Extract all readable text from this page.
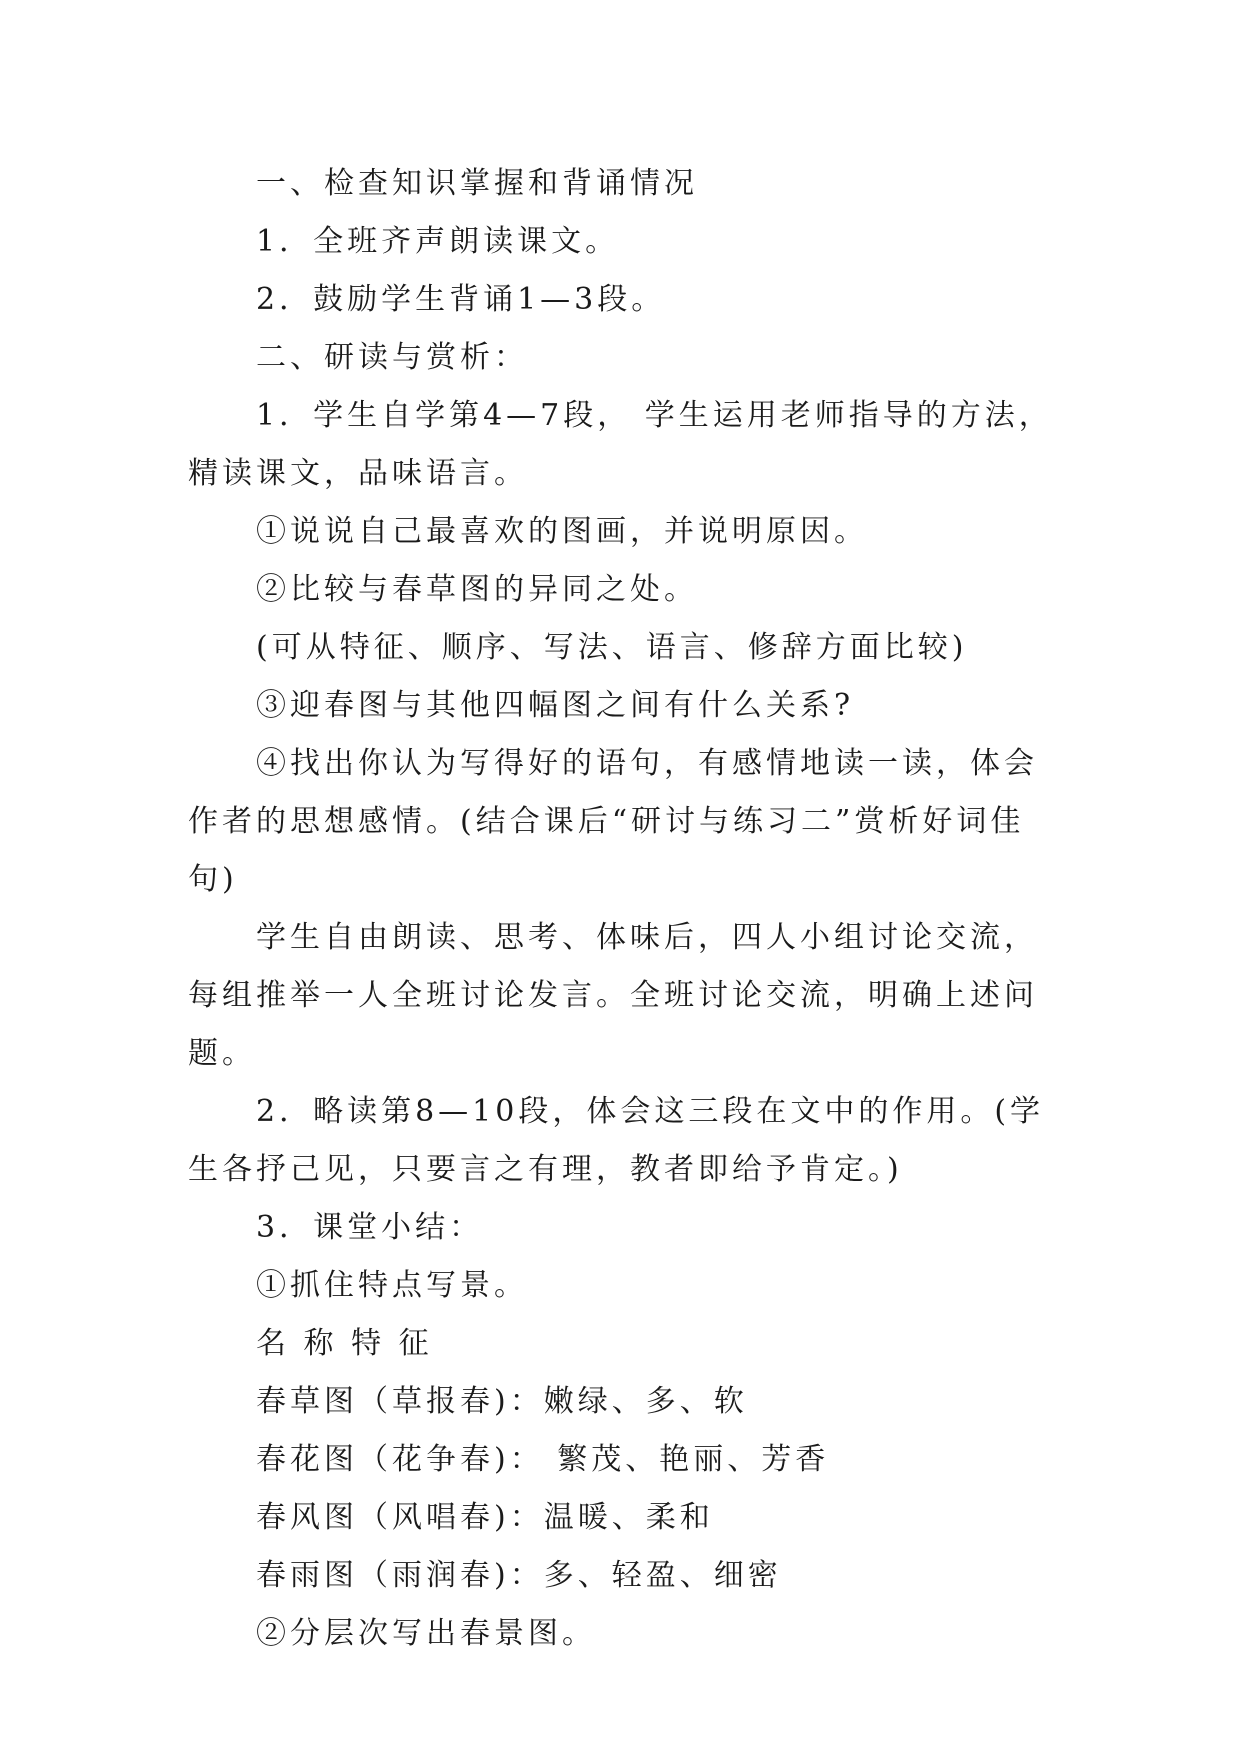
一、检查知识掌握和背诵情况

1．全班齐声朗读课文。

2．鼓励学生背诵1—3段。

二、研读与赏析：

1．学生自学第4—7段， 学生运用老师指导的方法，精读课文，品味语言。

①说说自己最喜欢的图画，并说明原因。

②比较与春草图的异同之处。

(可从特征、顺序、写法、语言、修辞方面比较)

③迎春图与其他四幅图之间有什么关系?

④找出你认为写得好的语句，有感情地读一读，体会作者的思想感情。(结合课后“研讨与练习二”赏析好词佳句)

学生自由朗读、思考、体味后，四人小组讨论交流，每组推举一人全班讨论发言。全班讨论交流，明确上述问题。

2．略读第8—10段，体会这三段在文中的作用。(学生各抒己见，只要言之有理，教者即给予肯定。)

3．课堂小结：

①抓住特点写景。

名 称 特 征

春草图（草报春)：嫩绿、多、软

春花图（花争春)： 繁茂、艳丽、芳香

春风图（风唱春)：温暖、柔和

春雨图（雨润春)：多、轻盈、细密

②分层次写出春景图。
